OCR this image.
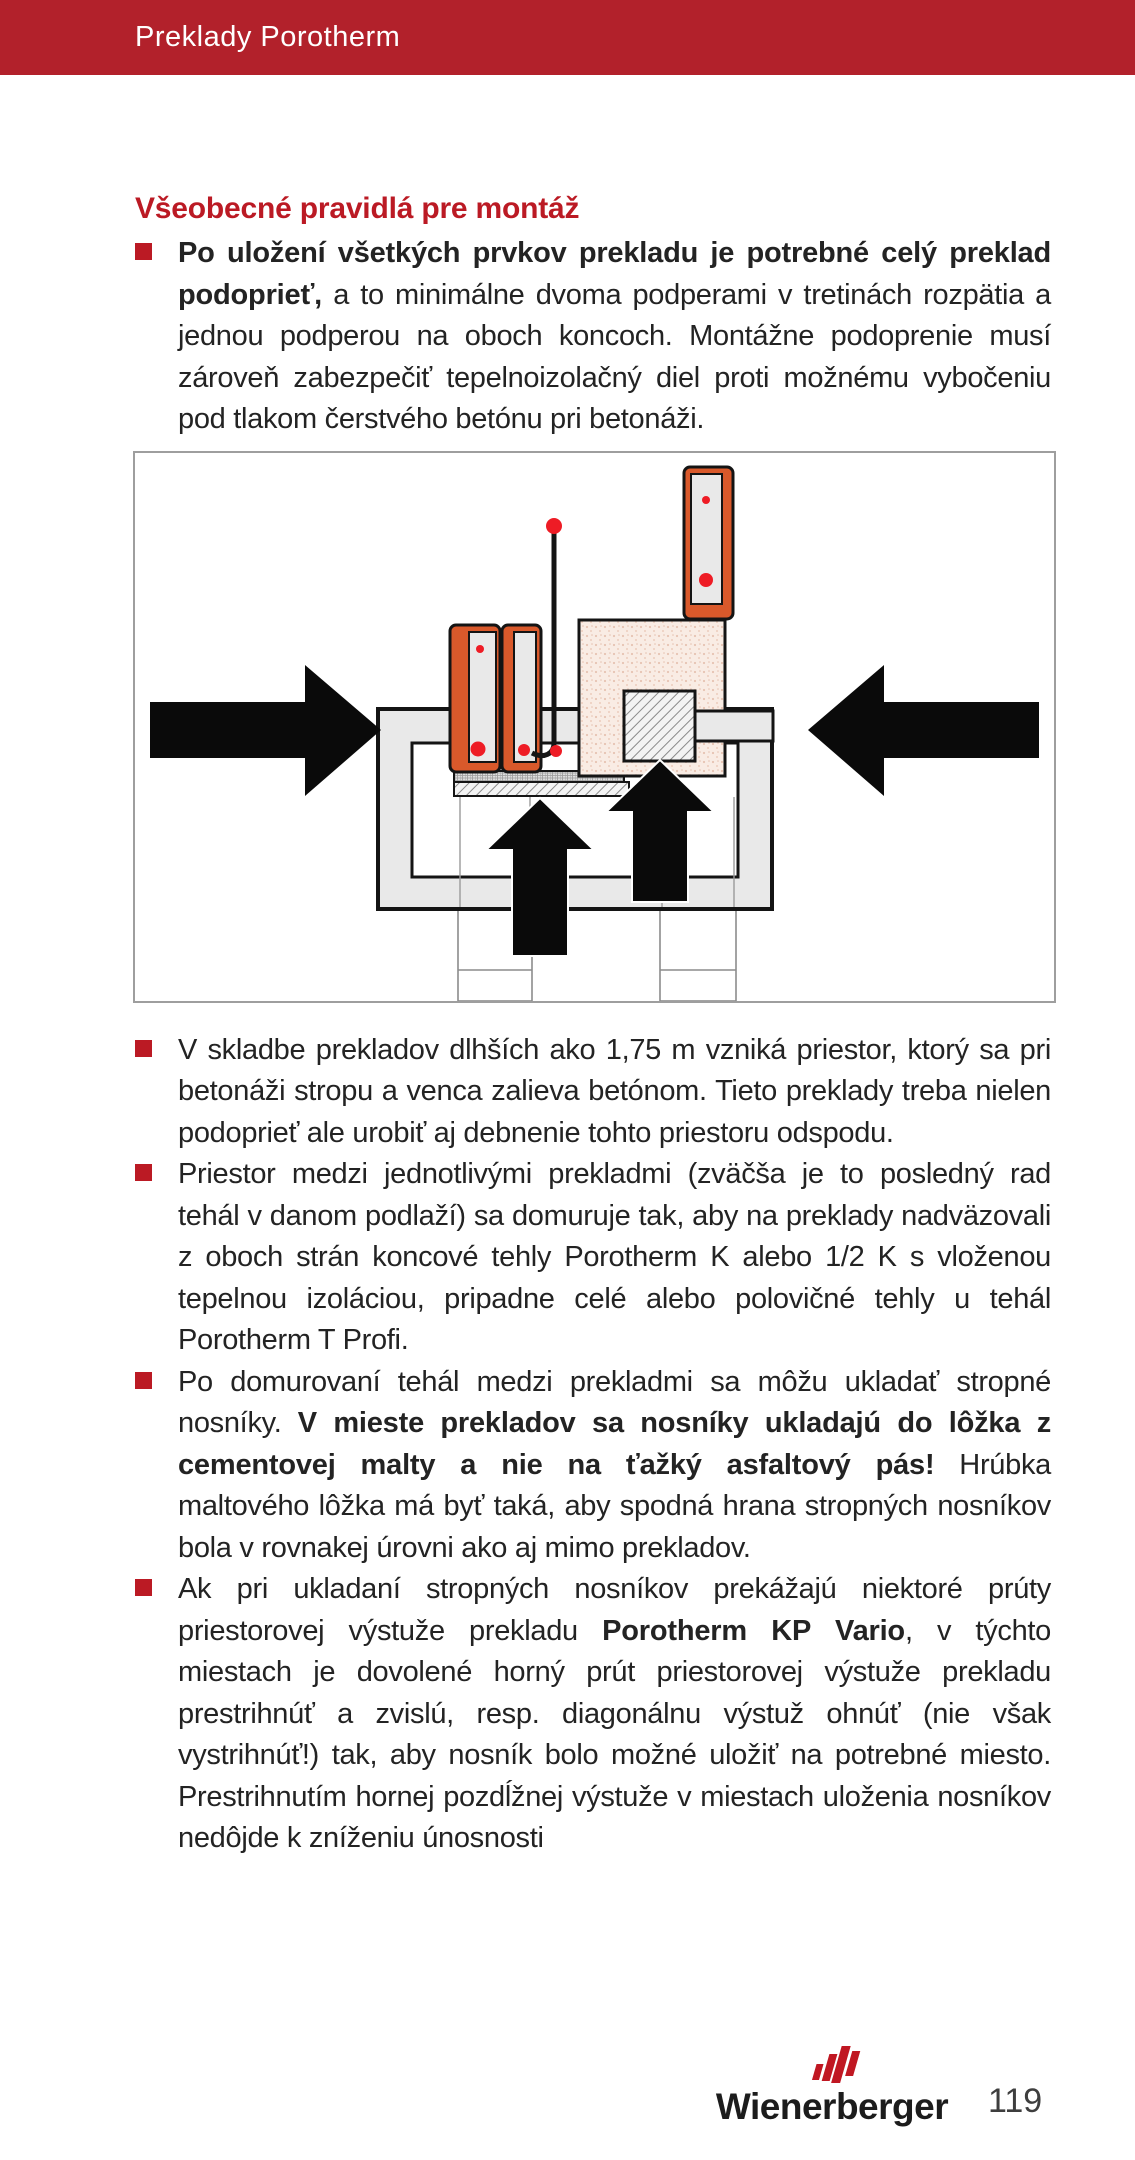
Preklady Porotherm
Všeobecné pravidlá pre montáž

Po uložení všetkých prvkov prekladu je potrebné celý preklad podoprieť, a to minimálne dvoma podperami v tretinách rozpätia a jednou podperou na oboch koncoch. Montážne podoprenie musí zároveň zabezpečiť tepelnoizolačný diel proti možnému vybočeniu pod tlakom čerstvého betónu pri betonáži.

V skladbe prekladov dlhších ako 1,75 m vzniká priestor, ktorý sa pri betonáži stropu a venca zalieva betónom. Tieto preklady treba nielen podoprieť ale urobiť aj debnenie tohto priestoru odspodu.

Priestor medzi jednotlivými prekladmi (zväčša je to posledný rad tehál v danom podlaží) sa domuruje tak, aby na preklady nadväzovali z oboch strán koncové tehly Porotherm K alebo 1/2 K s vloženou tepelnou izoláciou, pripadne celé alebo polovičné tehly u tehál Porotherm T Profi.

Po domurovaní tehál medzi prekladmi sa môžu ukladať stropné nosníky. V mieste prekladov sa nosníky ukladajú do lôžka z cementovej malty a nie na ťažký asfaltový pás! Hrúbka maltového lôžka má byť taká, aby spodná hrana stropných nosníkov bola v rovnakej úrovni ako aj mimo prekladov.

Ak pri ukladaní stropných nosníkov prekážajú niektoré prúty priestorovej výstuže prekladu Porotherm KP Vario, v týchto miestach je dovolené horný prút priestorovej výstuže prekladu prestrihnúť a zvislú, resp. diagonálnu výstuž ohnúť (nie však vystrihnúť!) tak, aby nosník bolo možné uložiť na potrebné miesto. Prestrihnutím hornej pozdĺžnej výstuže v miestach uloženia nosníkov nedôjde k zníženiu únosnosti

Wienerberger 119
